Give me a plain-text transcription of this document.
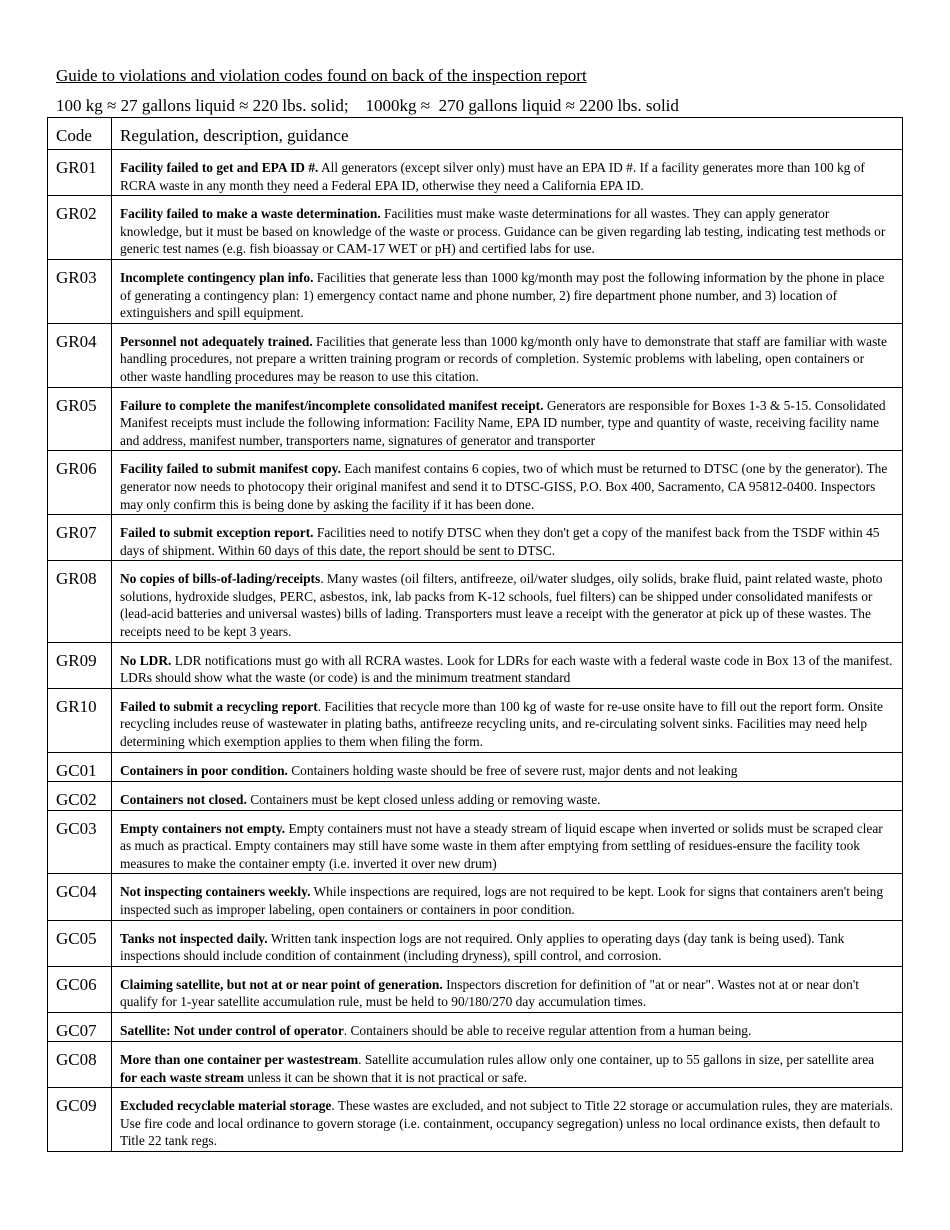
Guide to violations and violation codes found on back of the inspection report
100 kg ≈ 27 gallons liquid ≈ 220 lbs. solid;    1000kg ≈  270 gallons liquid ≈ 2200 lbs. solid
Code	Regulation, description, guidance
GR01	Facility failed to get and EPA ID #. All generators (except silver only) must have an EPA ID #. If a facility generates more than 100 kg of RCRA waste in any month they need a Federal EPA ID, otherwise they need a California EPA ID.
GR02	Facility failed to make a waste determination. Facilities must make waste determinations for all wastes. They can apply generator knowledge, but it must be based on knowledge of the waste or process. Guidance can be given regarding lab testing, indicating test methods or generic test names (e.g. fish bioassay or CAM-17 WET or pH) and certified labs for use.
GR03	Incomplete contingency plan info. Facilities that generate less than 1000 kg/month may post the following information by the phone in place of generating a contingency plan: 1) emergency contact name and phone number, 2) fire department phone number, and 3) location of extinguishers and spill equipment.
GR04	Personnel not adequately trained. Facilities that generate less than 1000 kg/month only have to demonstrate that staff are familiar with waste handling procedures, not prepare a written training program or records of completion. Systemic problems with labeling, open containers or other waste handling procedures may be reason to use this citation.
GR05	Failure to complete the manifest/incomplete consolidated manifest receipt. Generators are responsible for Boxes 1-3 & 5-15. Consolidated Manifest receipts must include the following information: Facility Name, EPA ID number, type and quantity of waste, receiving facility name and address, manifest number, transporters name, signatures of generator and transporter
GR06	Facility failed to submit manifest copy. Each manifest contains 6 copies, two of which must be returned to DTSC (one by the generator). The generator now needs to photocopy their original manifest and send it to DTSC-GISS, P.O. Box 400, Sacramento, CA 95812-0400. Inspectors may only confirm this is being done by asking the facility if it has been done.
GR07	Failed to submit exception report. Facilities need to notify DTSC when they don't get a copy of the manifest back from the TSDF within 45 days of shipment. Within 60 days of this date, the report should be sent to DTSC.
GR08	No copies of bills-of-lading/receipts. Many wastes (oil filters, antifreeze, oil/water sludges, oily solids, brake fluid, paint related waste, photo solutions, hydroxide sludges, PERC, asbestos, ink, lab packs from K-12 schools, fuel filters) can be shipped under consolidated manifests or (lead-acid batteries and universal wastes) bills of lading. Transporters must leave a receipt with the generator at pick up of these wastes. The receipts need to be kept 3 years.
GR09	No LDR. LDR notifications must go with all RCRA wastes. Look for LDRs for each waste with a federal waste code in Box 13 of the manifest. LDRs should show what the waste (or code) is and the minimum treatment standard
GR10	Failed to submit a recycling report. Facilities that recycle more than 100 kg of waste for re-use onsite have to fill out the report form. Onsite recycling includes reuse of wastewater in plating baths, antifreeze recycling units, and re-circulating solvent sinks. Facilities may need help determining which exemption applies to them when filing the form.
GC01	Containers in poor condition. Containers holding waste should be free of severe rust, major dents and not leaking
GC02	Containers not closed. Containers must be kept closed unless adding or removing waste.
GC03	Empty containers not empty. Empty containers must not have a steady stream of liquid escape when inverted or solids must be scraped clear as much as practical. Empty containers may still have some waste in them after emptying from settling of residues-ensure the facility took measures to make the container empty (i.e. inverted it over new drum)
GC04	Not inspecting containers weekly. While inspections are required, logs are not required to be kept. Look for signs that containers aren't being inspected such as improper labeling, open containers or containers in poor condition.
GC05	Tanks not inspected daily. Written tank inspection logs are not required. Only applies to operating days (day tank is being used). Tank inspections should include condition of containment (including dryness), spill control, and corrosion.
GC06	Claiming satellite, but not at or near point of generation. Inspectors discretion for definition of "at or near". Wastes not at or near don't qualify for 1-year satellite accumulation rule, must be held to 90/180/270 day accumulation times.
GC07	Satellite: Not under control of operator. Containers should be able to receive regular attention from a human being.
GC08	More than one container per wastestream. Satellite accumulation rules allow only one container, up to 55 gallons in size, per satellite area for each waste stream unless it can be shown that it is not practical or safe.
GC09	Excluded recyclable material storage. These wastes are excluded, and not subject to Title 22 storage or accumulation rules, they are materials. Use fire code and local ordinance to govern storage (i.e. containment, occupancy segregation) unless no local ordinance exists, then default to Title 22 tank regs.
